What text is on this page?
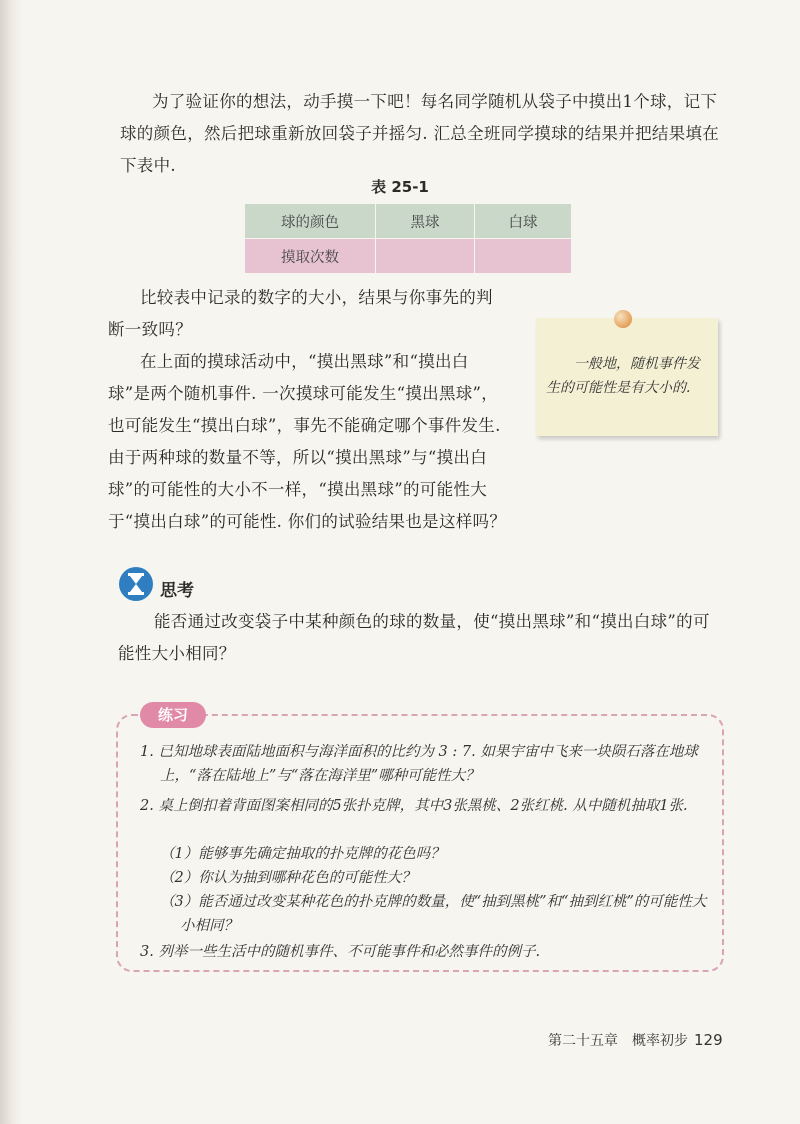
为了验证你的想法，动手摸一下吧！每名同学随机从袋子中摸出1个球，记下球的颜色，然后把球重新放回袋子并摇匀. 汇总全班同学摸球的结果并把结果填在下表中.

表 25-1
球的颜色	黑球	白球
摸取次数		

比较表中记录的数字的大小，结果与你事先的判断一致吗？

在上面的摸球活动中，“摸出黑球”和“摸出白球”是两个随机事件. 一次摸球可能发生“摸出黑球”，也可能发生“摸出白球”，事先不能确定哪个事件发生. 由于两种球的数量不等，所以“摸出黑球”与“摸出白球”的可能性的大小不一样，“摸出黑球”的可能性大于“摸出白球”的可能性. 你们的试验结果也是这样吗？

一般地，随机事件发生的可能性是有大小的.
思考

能否通过改变袋子中某种颜色的球的数量，使“摸出黑球”和“摸出白球”的可能性大小相同？

练习

1. 已知地球表面陆地面积与海洋面积的比约为 3 : 7. 如果宇宙中飞来一块陨石落在地球上，“落在陆地上”与“落在海洋里”哪种可能性大？

2. 桌上倒扣着背面图案相同的5张扑克牌，其中3张黑桃、2张红桃. 从中随机抽取1张.

（1）能够事先确定抽取的扑克牌的花色吗？

（2）你认为抽到哪种花色的可能性大？

（3）能否通过改变某种花色的扑克牌的数量，使“抽到黑桃”和“抽到红桃”的可能性大小相同？

3. 列举一些生活中的随机事件、不可能事件和必然事件的例子.

第二十五章　概率初步 129
